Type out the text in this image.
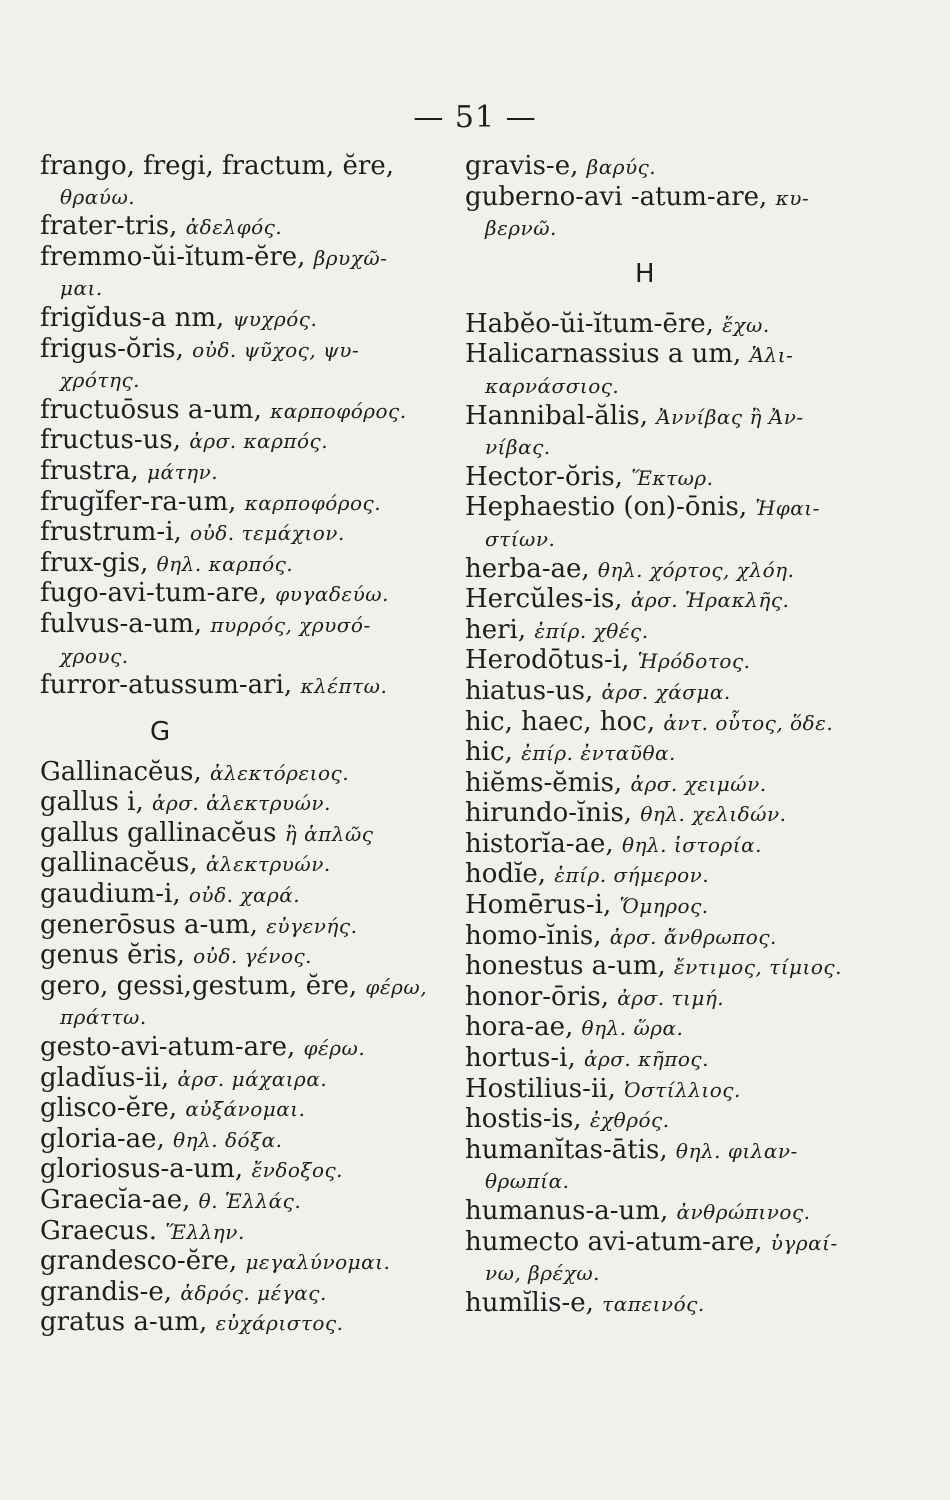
— 51 —

frango, fregi, fractum, ĕre,

θραύω.

frater-tris, ἀδελφός.

fremmo-ŭi-ĭtum-ĕre, βρυχῶ-

μαι.

frigĭdus-a nm, ψυχρός.

frigus-ŏris, οὐδ. ψῦχος, ψυ-

χρότης.

fructuōsus a-um, καρποφόρος.

fructus-us, ἀρσ. καρπός.

frustra, μάτην.

frugĭfer-ra-um, καρποφόρος.

frustrum-i, οὐδ. τεμάχιον.

frux-gis, θηλ. καρπός.

fugo-avi-tum-are, φυγαδεύω.

fulvus-a-um, πυρρός, χρυσό-

χρους.

furror-atussum-ari, κλέπτω.

G

Gallinacĕus, ἀλεκτόρειος.

gallus i, ἀρσ. ἀλεκτρυών.

gallus gallinacĕus ἢ ἁπλῶς

gallinacĕus, ἀλεκτρυών.

gaudium-i, οὐδ. χαρά.

generōsus a-um, εὐγενής.

genus ĕris, οὐδ. γένος.

gero, gessi,gestum, ĕre, φέρω,

πράττω.

gesto-avi-atum-are, φέρω.

gladĭus-ii, ἀρσ. μάχαιρα.

glisco-ĕre, αὐξάνομαι.

gloria-ae, θηλ. δόξα.

gloriosus-a-um, ἔνδοξος.

Graecĭa-ae, θ. Ἑλλάς.

Graecus. Ἕλλην.

grandesco-ĕre, μεγαλύνομαι.

grandis-e, ἁδρός. μέγας.

gratus a-um, εὐχάριστος.

gravis-e, βαρύς.

guberno-avi -atum-are, κυ-

βερνῶ.

H

Habĕo-ŭi-ĭtum-ēre, ἔχω.

Halicarnassius a um, Ἁλι-

καρνάσσιος.

Hannibal-ălis, Ἀννίβας ἢ Ἀν-

νίβας.

Hector-ŏris, Ἕκτωρ.

Hephaestio (on)-ōnis, Ἡφαι-

στίων.

herba-ae, θηλ. χόρτος, χλόη.

Hercŭles-is, ἀρσ. Ἡρακλῆς.

heri, ἐπίρ. χθές.

Herodōtus-i, Ἡρόδοτος.

hiatus-us, ἀρσ. χάσμα.

hic, haec, hoc, ἀντ. οὗτος, ὅδε.

hic, ἐπίρ. ἐνταῦθα.

hiĕms-ĕmis, ἀρσ. χειμών.

hirundo-ĭnis, θηλ. χελιδών.

historĭa-ae, θηλ. ἱστορία.

hodĭe, ἐπίρ. σήμερον.

Homērus-i, Ὅμηρος.

homo-ĭnis, ἀρσ. ἄνθρωπος.

honestus a-um, ἔντιμος, τίμιος.

honor-ōris, ἀρσ. τιμή.

hora-ae, θηλ. ὥρα.

hortus-i, ἀρσ. κῆπος.

Hostilius-ii, Ὀστίλλιος.

hostis-is, ἐχθρός.

humanĭtas-ātis, θηλ. φιλαν-

θρωπία.

humanus-a-um, ἀνθρώπινος.

humecto avi-atum-are, ὑγραί-

νω, βρέχω.

humĭlis-e, ταπεινός.
